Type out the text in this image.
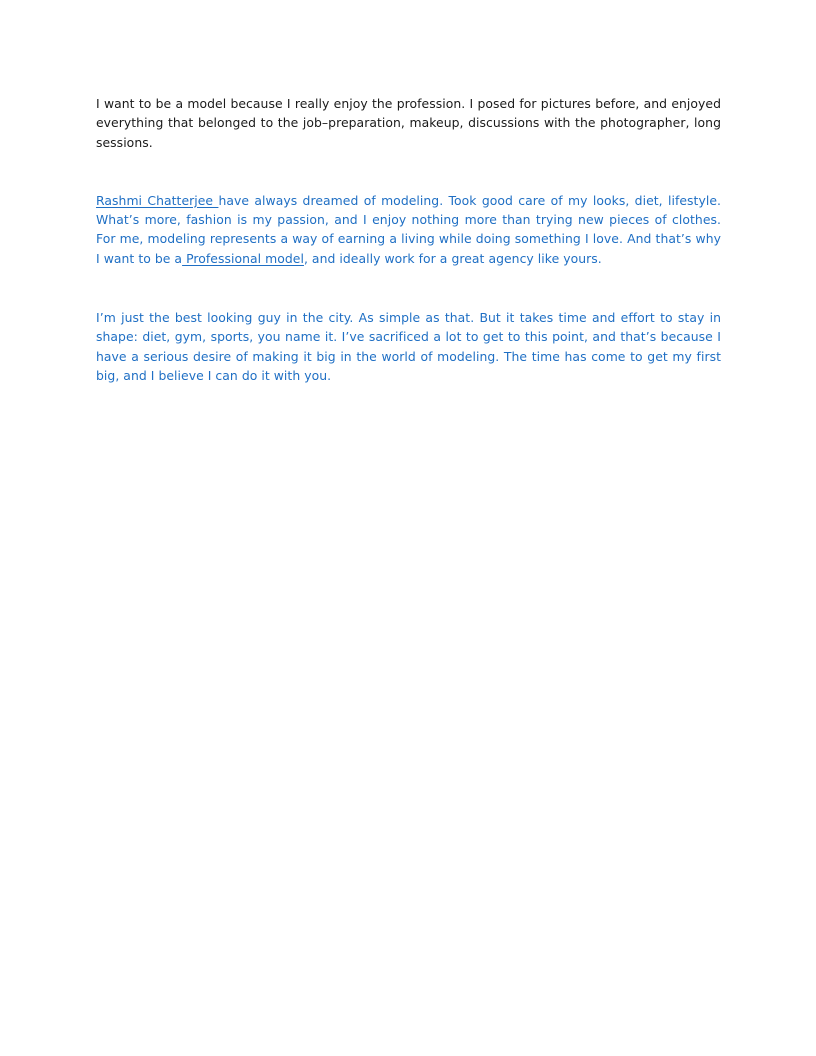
I want to be a model because I really enjoy the profession. I posed for pictures before, and enjoyed everything that belonged to the job–preparation, makeup, discussions with the photographer, long sessions.

Rashmi Chatterjee have always dreamed of modeling. Took good care of my looks, diet, lifestyle. What’s more, fashion is my passion, and I enjoy nothing more than trying new pieces of clothes. For me, modeling represents a way of earning a living while doing something I love. And that’s why I want to be a Professional model, and ideally work for a great agency like yours.

I’m just the best looking guy in the city. As simple as that. But it takes time and effort to stay in shape: diet, gym, sports, you name it. I’ve sacrificed a lot to get to this point, and that’s because I have a serious desire of making it big in the world of modeling. The time has come to get my first big, and I believe I can do it with you.
